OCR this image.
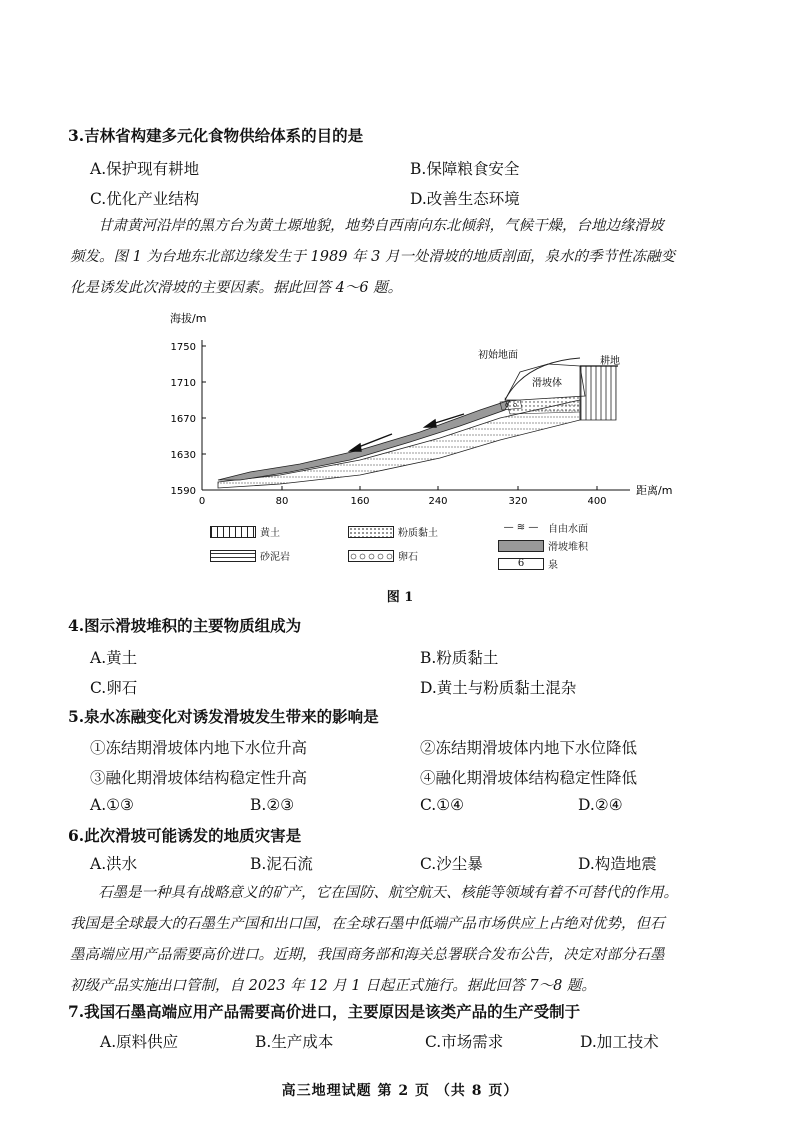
3.吉林省构建多元化食物供给体系的目的是
A.保护现有耕地	B.保障粮食安全
C.优化产业结构	D.改善生态环境
甘肃黄河沿岸的黑方台为黄土塬地貌，地势自西南向东北倾斜，气候干燥，台地边缘滑坡
频发。图 1 为台地东北部边缘发生于 1989 年 3 月一处滑坡的地质剖面，泉水的季节性冻融变
化是诱发此次滑坡的主要因素。据此回答 4～6 题。
海拔/m
距离/m
1750
1710
1670
1630
1590
0	80	160	240	320	400
初始地面
滑坡体
耕地
黄土	粉质黏土
— ≋ — 自由水面
滑坡堆积
砂泥岩	卵石	6	泉
图 1
4.图示滑坡堆积的主要物质组成为
A.黄土	B.粉质黏土
C.卵石	D.黄土与粉质黏土混杂
5.泉水冻融变化对诱发滑坡发生带来的影响是
①冻结期滑坡体内地下水位升高	②冻结期滑坡体内地下水位降低
③融化期滑坡体结构稳定性升高	④融化期滑坡体结构稳定性降低
A.①③	B.②③	C.①④	D.②④
6.此次滑坡可能诱发的地质灾害是
A.洪水	B.泥石流	C.沙尘暴	D.构造地震
石墨是一种具有战略意义的矿产，它在国防、航空航天、核能等领域有着不可替代的作用。
我国是全球最大的石墨生产国和出口国，在全球石墨中低端产品市场供应上占绝对优势，但石
墨高端应用产品需要高价进口。近期，我国商务部和海关总署联合发布公告，决定对部分石墨
初级产品实施出口管制，自 2023 年 12 月 1 日起正式施行。据此回答 7～8 题。
7.我国石墨高端应用产品需要高价进口，主要原因是该类产品的生产受制于
A.原料供应	B.生产成本	C.市场需求	D.加工技术
高三地理试题 第 2 页 （共 8 页）
